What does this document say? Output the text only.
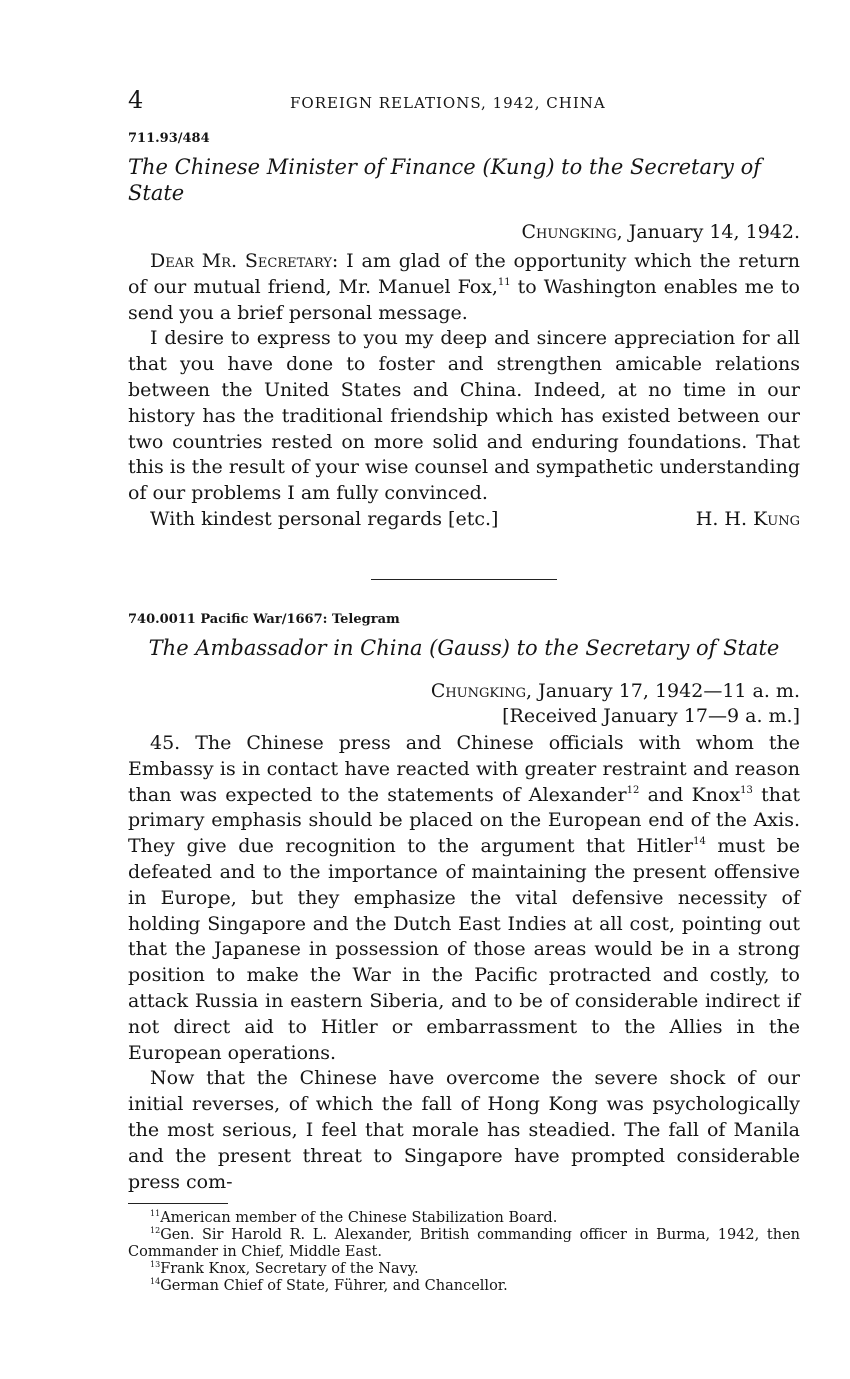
4	FOREIGN RELATIONS, 1942, CHINA
711.93/484
The Chinese Minister of Finance (Kung) to the Secretary of State
Chungking, January 14, 1942.

Dear Mr. Secretary: I am glad of the opportunity which the return of our mutual friend, Mr. Manuel Fox,$^{11}$ to Washington enables me to send you a brief personal message.

I desire to express to you my deep and sincere appreciation for all that you have done to foster and strengthen amicable relations between the United States and China. Indeed, at no time in our history has the traditional friendship which has existed between our two countries rested on more solid and enduring foundations. That this is the result of your wise counsel and sympathetic understanding of our problems I am fully convinced.

With kindest personal regards [etc.]	H. H. Kung
740.0011 Pacific War/1667: Telegram
The Ambassador in China (Gauss) to the Secretary of State
Chungking, January 17, 1942—11 a. m.
[Received January 17—9 a. m.]

45. The Chinese press and Chinese officials with whom the Embassy is in contact have reacted with greater restraint and reason than was expected to the statements of Alexander$^{12}$ and Knox$^{13}$ that primary emphasis should be placed on the European end of the Axis. They give due recognition to the argument that Hitler$^{14}$ must be defeated and to the importance of maintaining the present offensive in Europe, but they emphasize the vital defensive necessity of holding Singapore and the Dutch East Indies at all cost, pointing out that the Japanese in possession of those areas would be in a strong position to make the War in the Pacific protracted and costly, to attack Russia in eastern Siberia, and to be of considerable indirect if not direct aid to Hitler or embarrassment to the Allies in the European operations.

Now that the Chinese have overcome the severe shock of our initial reverses, of which the fall of Hong Kong was psychologically the most serious, I feel that morale has steadied. The fall of Manila and the present threat to Singapore have prompted considerable press com-

$^{11}$American member of the Chinese Stabilization Board.

$^{12}$Gen. Sir Harold R. L. Alexander, British commanding officer in Burma, 1942, then Commander in Chief, Middle East.

$^{13}$Frank Knox, Secretary of the Navy.

$^{14}$German Chief of State, Führer, and Chancellor.
